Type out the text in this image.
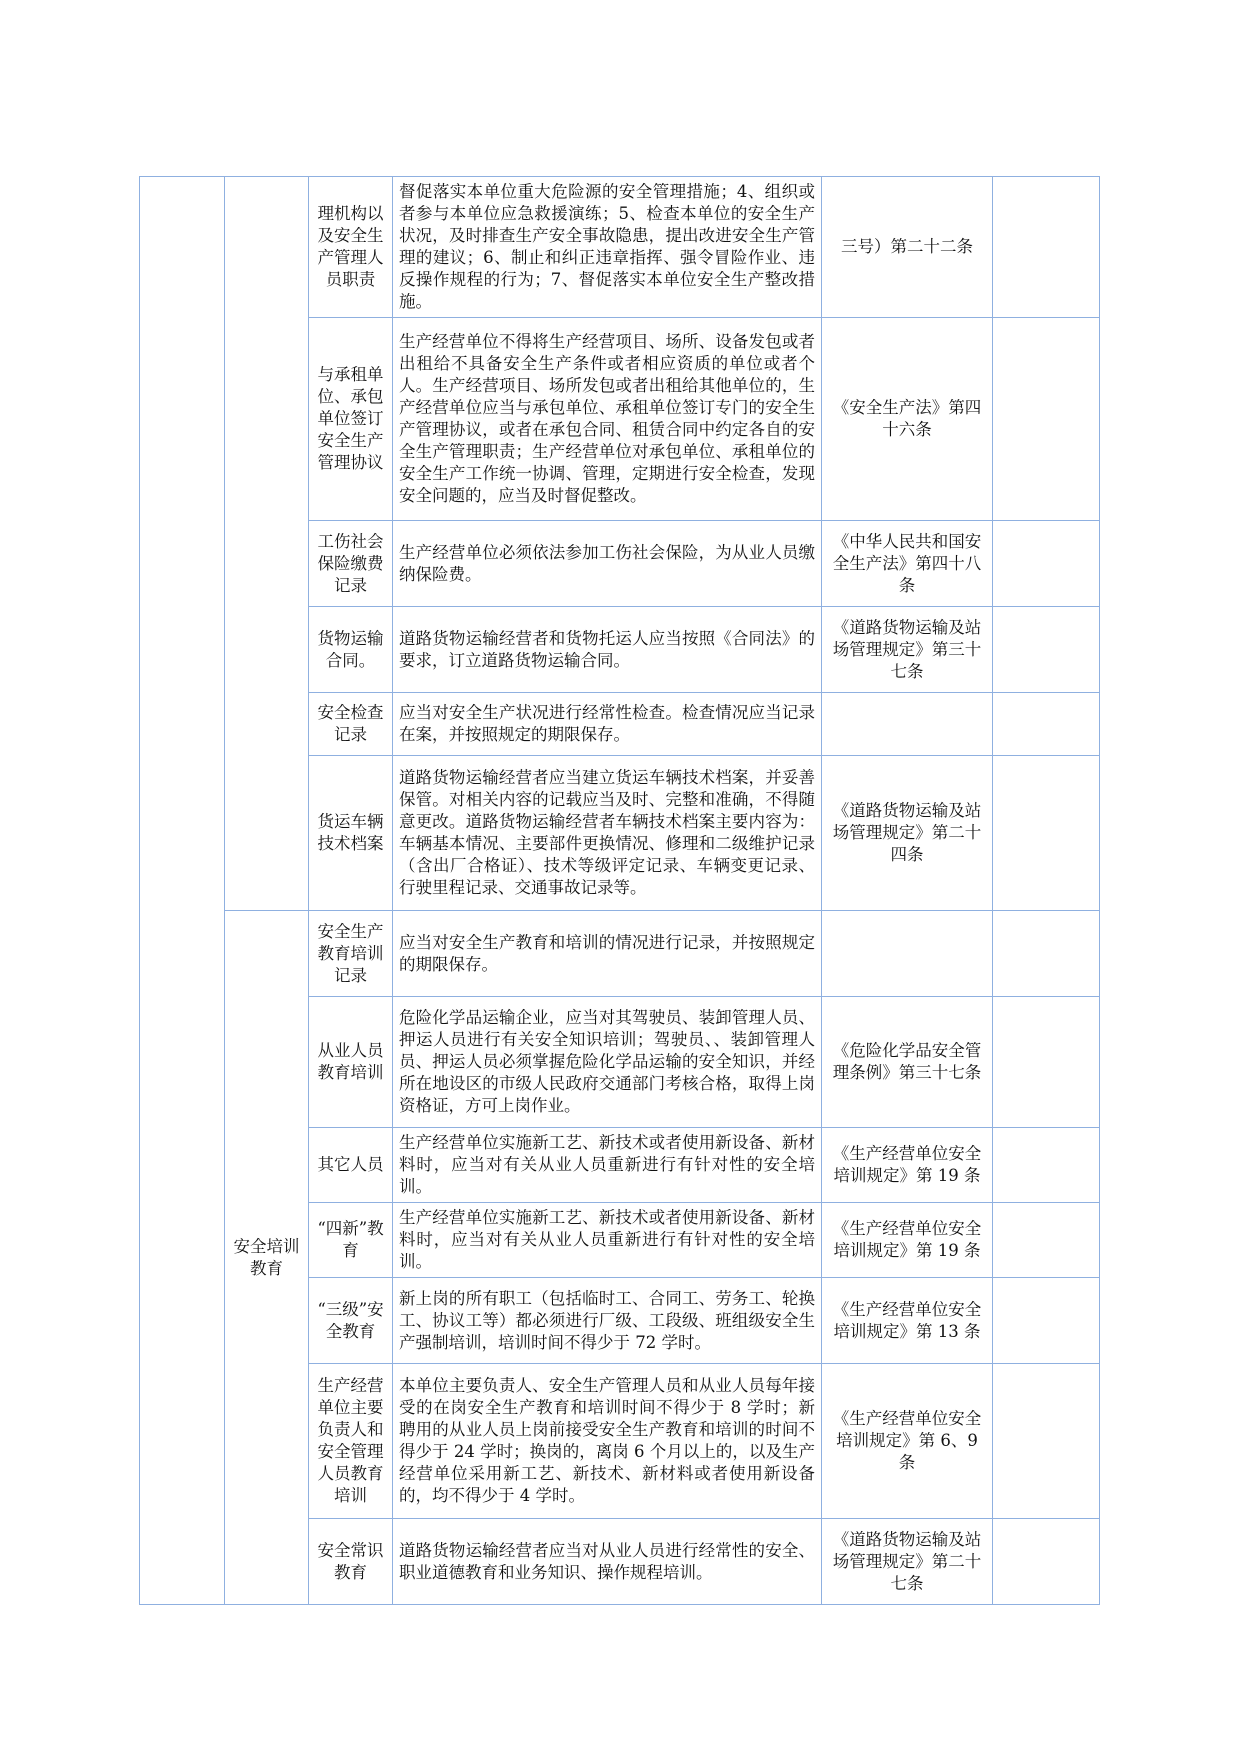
		理机构以及安全生产管理人员职责	督促落实本单位重大危险源的安全管理措施；4、组织或者参与本单位应急救援演练；5、检查本单位的安全生产状况，及时排查生产安全事故隐患，提出改进安全生产管理的建议；6、制止和纠正违章指挥、强令冒险作业、违反操作规程的行为；7、督促落实本单位安全生产整改措施。	三号）第二十二条	
		与承租单位、承包单位签订安全生产管理协议	生产经营单位不得将生产经营项目、场所、设备发包或者出租给不具备安全生产条件或者相应资质的单位或者个人。生产经营项目、场所发包或者出租给其他单位的，生产经营单位应当与承包单位、承租单位签订专门的安全生产管理协议，或者在承包合同、租赁合同中约定各自的安全生产管理职责；生产经营单位对承包单位、承租单位的安全生产工作统一协调、管理，定期进行安全检查，发现安全问题的，应当及时督促整改。	《安全生产法》第四十六条	
		工伤社会保险缴费记录	生产经营单位必须依法参加工伤社会保险，为从业人员缴纳保险费。	《中华人民共和国安全生产法》第四十八条	
		货物运输合同。	道路货物运输经营者和货物托运人应当按照《合同法》的要求，订立道路货物运输合同。	《道路货物运输及站场管理规定》第三十七条	
		安全检查记录	应当对安全生产状况进行经常性检查。检查情况应当记录在案，并按照规定的期限保存。		
		货运车辆技术档案	道路货物运输经营者应当建立货运车辆技术档案，并妥善保管。对相关内容的记载应当及时、完整和准确，不得随意更改。道路货物运输经营者车辆技术档案主要内容为：车辆基本情况、主要部件更换情况、修理和二级维护记录（含出厂合格证）、技术等级评定记录、车辆变更记录、行驶里程记录、交通事故记录等。	《道路货物运输及站场管理规定》第二十四条	
	安全培训教育	安全生产教育培训记录	应当对安全生产教育和培训的情况进行记录，并按照规定的期限保存。		
		从业人员教育培训	危险化学品运输企业，应当对其驾驶员、装卸管理人员、押运人员进行有关安全知识培训；驾驶员、、装卸管理人员、押运人员必须掌握危险化学品运输的安全知识，并经所在地设区的市级人民政府交通部门考核合格，取得上岗资格证，方可上岗作业。	《危险化学品安全管理条例》第三十七条	
		其它人员	生产经营单位实施新工艺、新技术或者使用新设备、新材料时，应当对有关从业人员重新进行有针对性的安全培训。	《生产经营单位安全培训规定》第 19 条	
		“四新”教育	生产经营单位实施新工艺、新技术或者使用新设备、新材料时，应当对有关从业人员重新进行有针对性的安全培训。	《生产经营单位安全培训规定》第 19 条	
		“三级”安全教育	新上岗的所有职工（包括临时工、合同工、劳务工、轮换工、协议工等）都必须进行厂级、工段级、班组级安全生产强制培训，培训时间不得少于 72 学时。	《生产经营单位安全培训规定》第 13 条	
		生产经营单位主要负责人和安全管理人员教育培训	本单位主要负责人、安全生产管理人员和从业人员每年接受的在岗安全生产教育和培训时间不得少于 8 学时；新聘用的从业人员上岗前接受安全生产教育和培训的时间不得少于 24 学时；换岗的，离岗 6 个月以上的，以及生产经营单位采用新工艺、新技术、新材料或者使用新设备的，均不得少于 4 学时。	《生产经营单位安全培训规定》第 6、9 条	
		安全常识教育	道路货物运输经营者应当对从业人员进行经常性的安全、职业道德教育和业务知识、操作规程培训。	《道路货物运输及站场管理规定》第二十七条	
